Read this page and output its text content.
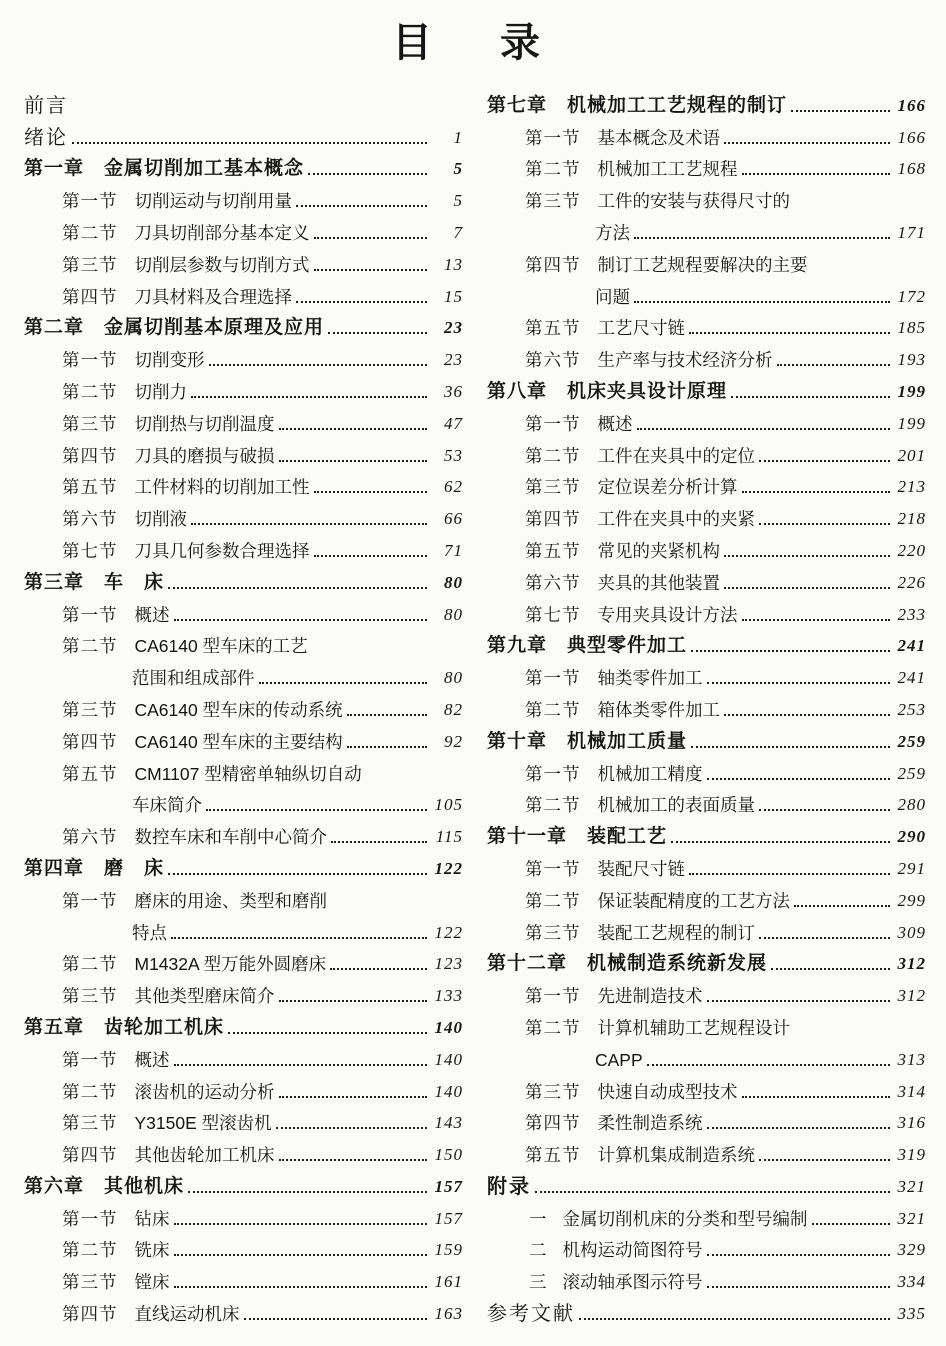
目　录
前言
绪论	1
第一章 金属切削加工基本概念	5
第一节 切削运动与切削用量	5
第二节 刀具切削部分基本定义	7
第三节 切削层参数与切削方式	13
第四节 刀具材料及合理选择	15
第二章 金属切削基本原理及应用	23
第一节 切削变形	23
第二节 切削力	36
第三节 切削热与切削温度	47
第四节 刀具的磨损与破损	53
第五节 工件材料的切削加工性	62
第六节 切削液	66
第七节 刀具几何参数合理选择	71
第三章 车　床	80
第一节 概述	80
第二节 CA6140 型车床的工艺
范围和组成部件	80
第三节 CA6140 型车床的传动系统	82
第四节 CA6140 型车床的主要结构	92
第五节 CM1107 型精密单轴纵切自动
车床简介	105
第六节 数控车床和车削中心简介	115
第四章 磨　床	122
第一节 磨床的用途、类型和磨削
特点	122
第二节 M1432A 型万能外圆磨床	123
第三节 其他类型磨床简介	133
第五章 齿轮加工机床	140
第一节 概述	140
第二节 滚齿机的运动分析	140
第三节 Y3150E 型滚齿机	143
第四节 其他齿轮加工机床	150
第六章 其他机床	157
第一节 钻床	157
第二节 铣床	159
第三节 镗床	161
第四节 直线运动机床	163
第七章 机械加工工艺规程的制订	166
第一节 基本概念及术语	166
第二节 机械加工工艺规程	168
第三节 工件的安装与获得尺寸的
方法	171
第四节 制订工艺规程要解决的主要
问题	172
第五节 工艺尺寸链	185
第六节 生产率与技术经济分析	193
第八章 机床夹具设计原理	199
第一节 概述	199
第二节 工件在夹具中的定位	201
第三节 定位误差分析计算	213
第四节 工件在夹具中的夹紧	218
第五节 常见的夹紧机构	220
第六节 夹具的其他装置	226
第七节 专用夹具设计方法	233
第九章 典型零件加工	241
第一节 轴类零件加工	241
第二节 箱体类零件加工	253
第十章 机械加工质量	259
第一节 机械加工精度	259
第二节 机械加工的表面质量	280
第十一章 装配工艺	290
第一节 装配尺寸链	291
第二节 保证装配精度的工艺方法	299
第三节 装配工艺规程的制订	309
第十二章 机械制造系统新发展	312
第一节 先进制造技术	312
第二节 计算机辅助工艺规程设计
CAPP	313
第三节 快速自动成型技术	314
第四节 柔性制造系统	316
第五节 计算机集成制造系统	319
附录	321
一 金属切削机床的分类和型号编制	321
二 机构运动简图符号	329
三 滚动轴承图示符号	334
参考文献	335
